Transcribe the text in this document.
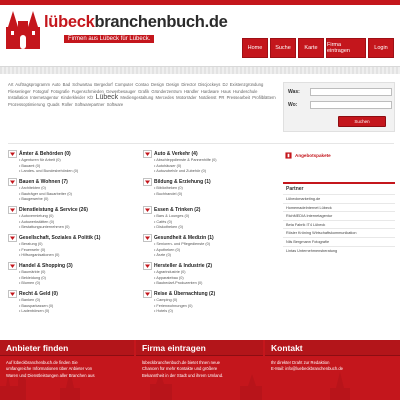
lübeckbranchenbuch.de
Firmen aus Lübeck für Lübeck.
Home	Suche	Karte	Firma eintragen	Login
Art Auftragsprogramm Auto Bad Schwartau Bergedorf Computer Contao Design Design Director Discjockeys DJ Existenzgründung Fliesenleger Fotograf Fotografie Fugenschmieden Gewerbesauger Grafik Gründerzentrum Händler Hardware Haus Hundeschule Installation Internetagentur Kinderkleider Kfz Lübeck Mediengestaltung Mercedes Motorräder Notdienst PR Pressearbeit Profilblättern Prozessoptimierung Quads Roller Softwarepartner Software
Was:
Wo:
Suchen
Ämter & Behörden (0)
• Agenturen für Arbeit (0)
• Bauamt (0)
• Landes- und Bundesbehörden (0)
Auto & Verkehr (4)
• Abschleppdienste & Pannenhilfe (0)
• Autohäuser (0)
• Autozubehör und Zubehör (0)
Bauen & Wohnen (7)
• Architekten (0)
• Bauträger und Bauarbeiter (0)
• Baugewerbe (0)
Bildung & Erziehung (1)
• Bibliotheken (0)
• Buchhandel (0)
Dienstleistung & Service (26)
• Autovermietung (0)
• Autowerkstätten (0)
• Bestattungsunternehmen (0)
Essen & Trinken (2)
• Bars & Lounges (0)
• Cafés (0)
• Diskotheken (0)
Gesellschaft, Soziales & Politik (1)
• Beratung (0)
• Feuerwehr (0)
• Hilfsorganisationen (0)
Gesundheit & Medizin (1)
• Senioren- und Pflegedienste (0)
• Apotheken (0)
• Ärzte (0)
Handel & Shopping (3)
• Baumärkte (0)
• Bekleidung (0)
• Blumen (0)
Hersteller & Industrie (2)
• Agrarindustrie (0)
• Apparatebau (0)
• Baubedarf-Produzenten (0)
Recht & Geld (0)
• Banken (0)
• Bausparkassen (0)
• Ladenbörsen (0)
Reise & Übernachtung (2)
• Camping (0)
• Ferienwohnungen (0)
• Hotels (0)
Angebotspakete
Partner
Lübeckmarketing.de
HomemadeInternet Lübeck
RichMEDIA Internetagentur
Beta Fabrik IT4 Lübeck
Rösler Kröning Wirtschaftskommunikation
Nils Bergmann Fotografie
Lintas Unternehmensberatung
Anbieter finden
Auf lübeckbranchenbuch.de finden Sie
umfangreiche Informationen über Anbieter von
Waren und Dienstleistungen aller Branchen aus
Firma eintragen
lübeckbranchenbuch.de bietet Ihnen neue
Chancen für mehr Kontakte und größere
Bekanntheit in der Stadt und ihrem Umland.
Kontakt
Ihr direkter Draht zur Redaktion
E-Mail: info@luebeckbranchenbuch.de
